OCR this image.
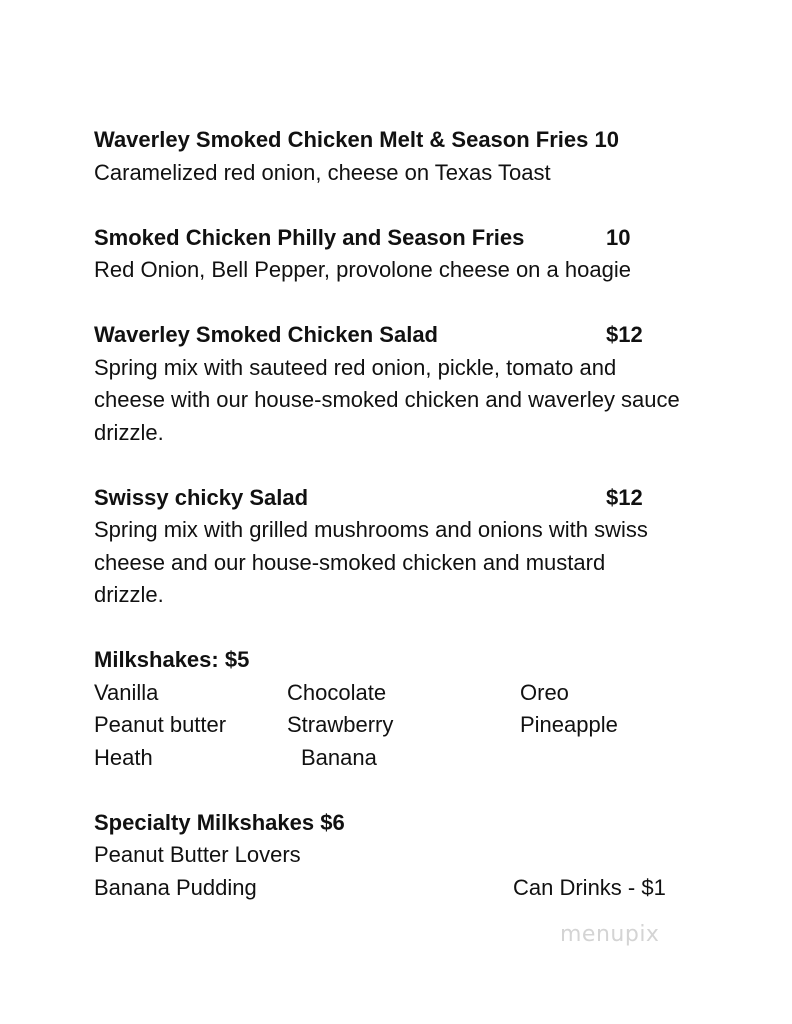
Waverley Smoked Chicken Melt & Season Fries 10
Caramelized red onion, cheese on Texas Toast
Smoked Chicken Philly and Season Fries	10
Red Onion, Bell Pepper, provolone cheese on a hoagie
Waverley Smoked Chicken Salad	$12
Spring mix with sauteed red onion, pickle, tomato and cheese with our house-smoked chicken and waverley sauce drizzle.
Swissy chicky Salad	$12
Spring mix with grilled mushrooms and onions with swiss cheese and our house-smoked chicken and mustard drizzle.
Milkshakes: $5
Vanilla	Chocolate	Oreo
Peanut butter	Strawberry	Pineapple
Heath	Banana
Specialty Milkshakes $6
Peanut Butter Lovers
Banana Pudding	Can Drinks - $1
menupix
